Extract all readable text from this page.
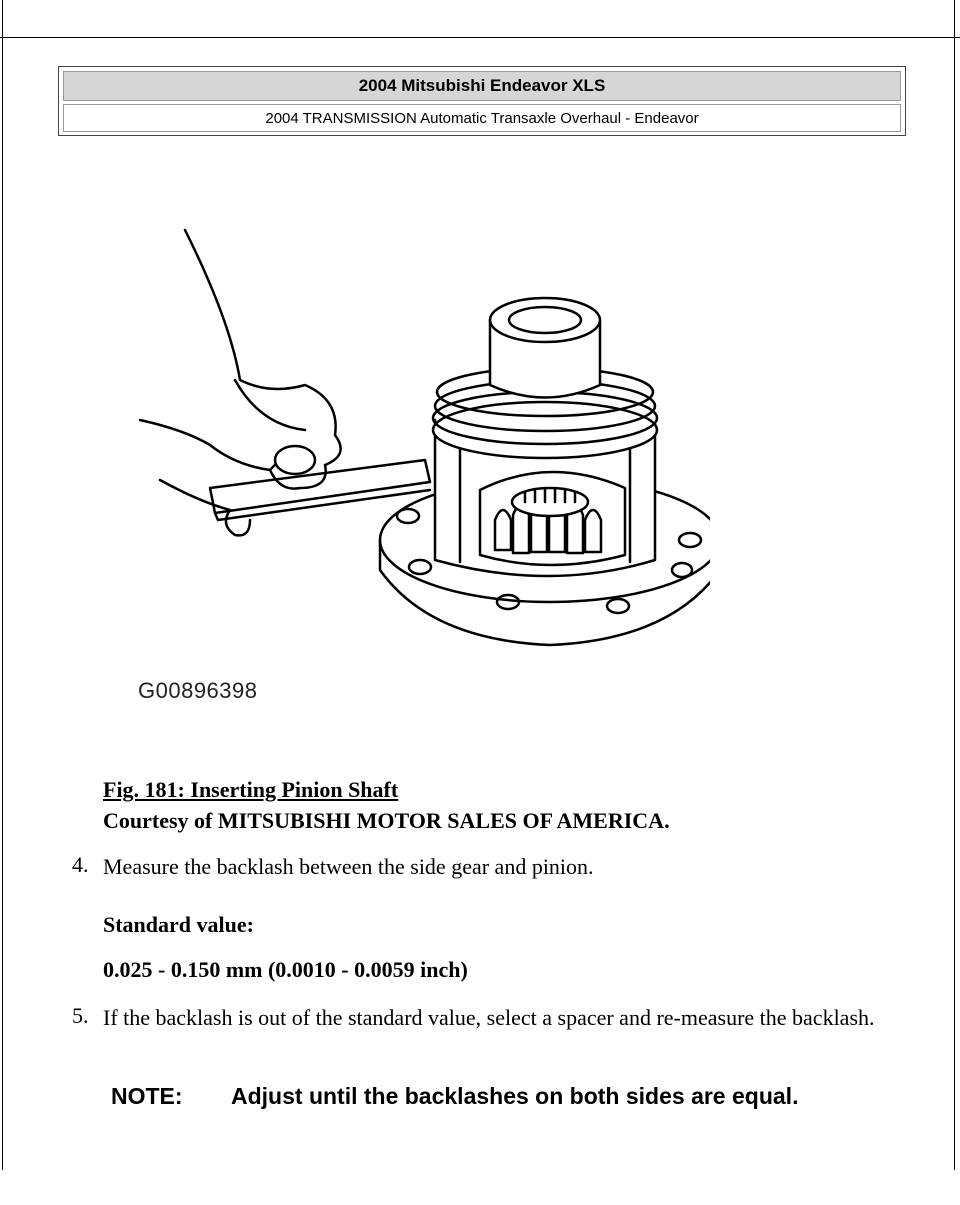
2004 Mitsubishi Endeavor XLS
2004 TRANSMISSION Automatic Transaxle Overhaul - Endeavor
G00896398
Fig. 181: Inserting Pinion Shaft
Courtesy of MITSUBISHI MOTOR SALES OF AMERICA.
4. Measure the backlash between the side gear and pinion.
Standard value:
0.025 - 0.150 mm (0.0010 - 0.0059 inch)
5. If the backlash is out of the standard value, select a spacer and re-measure the backlash.
NOTE: Adjust until the backlashes on both sides are equal.
